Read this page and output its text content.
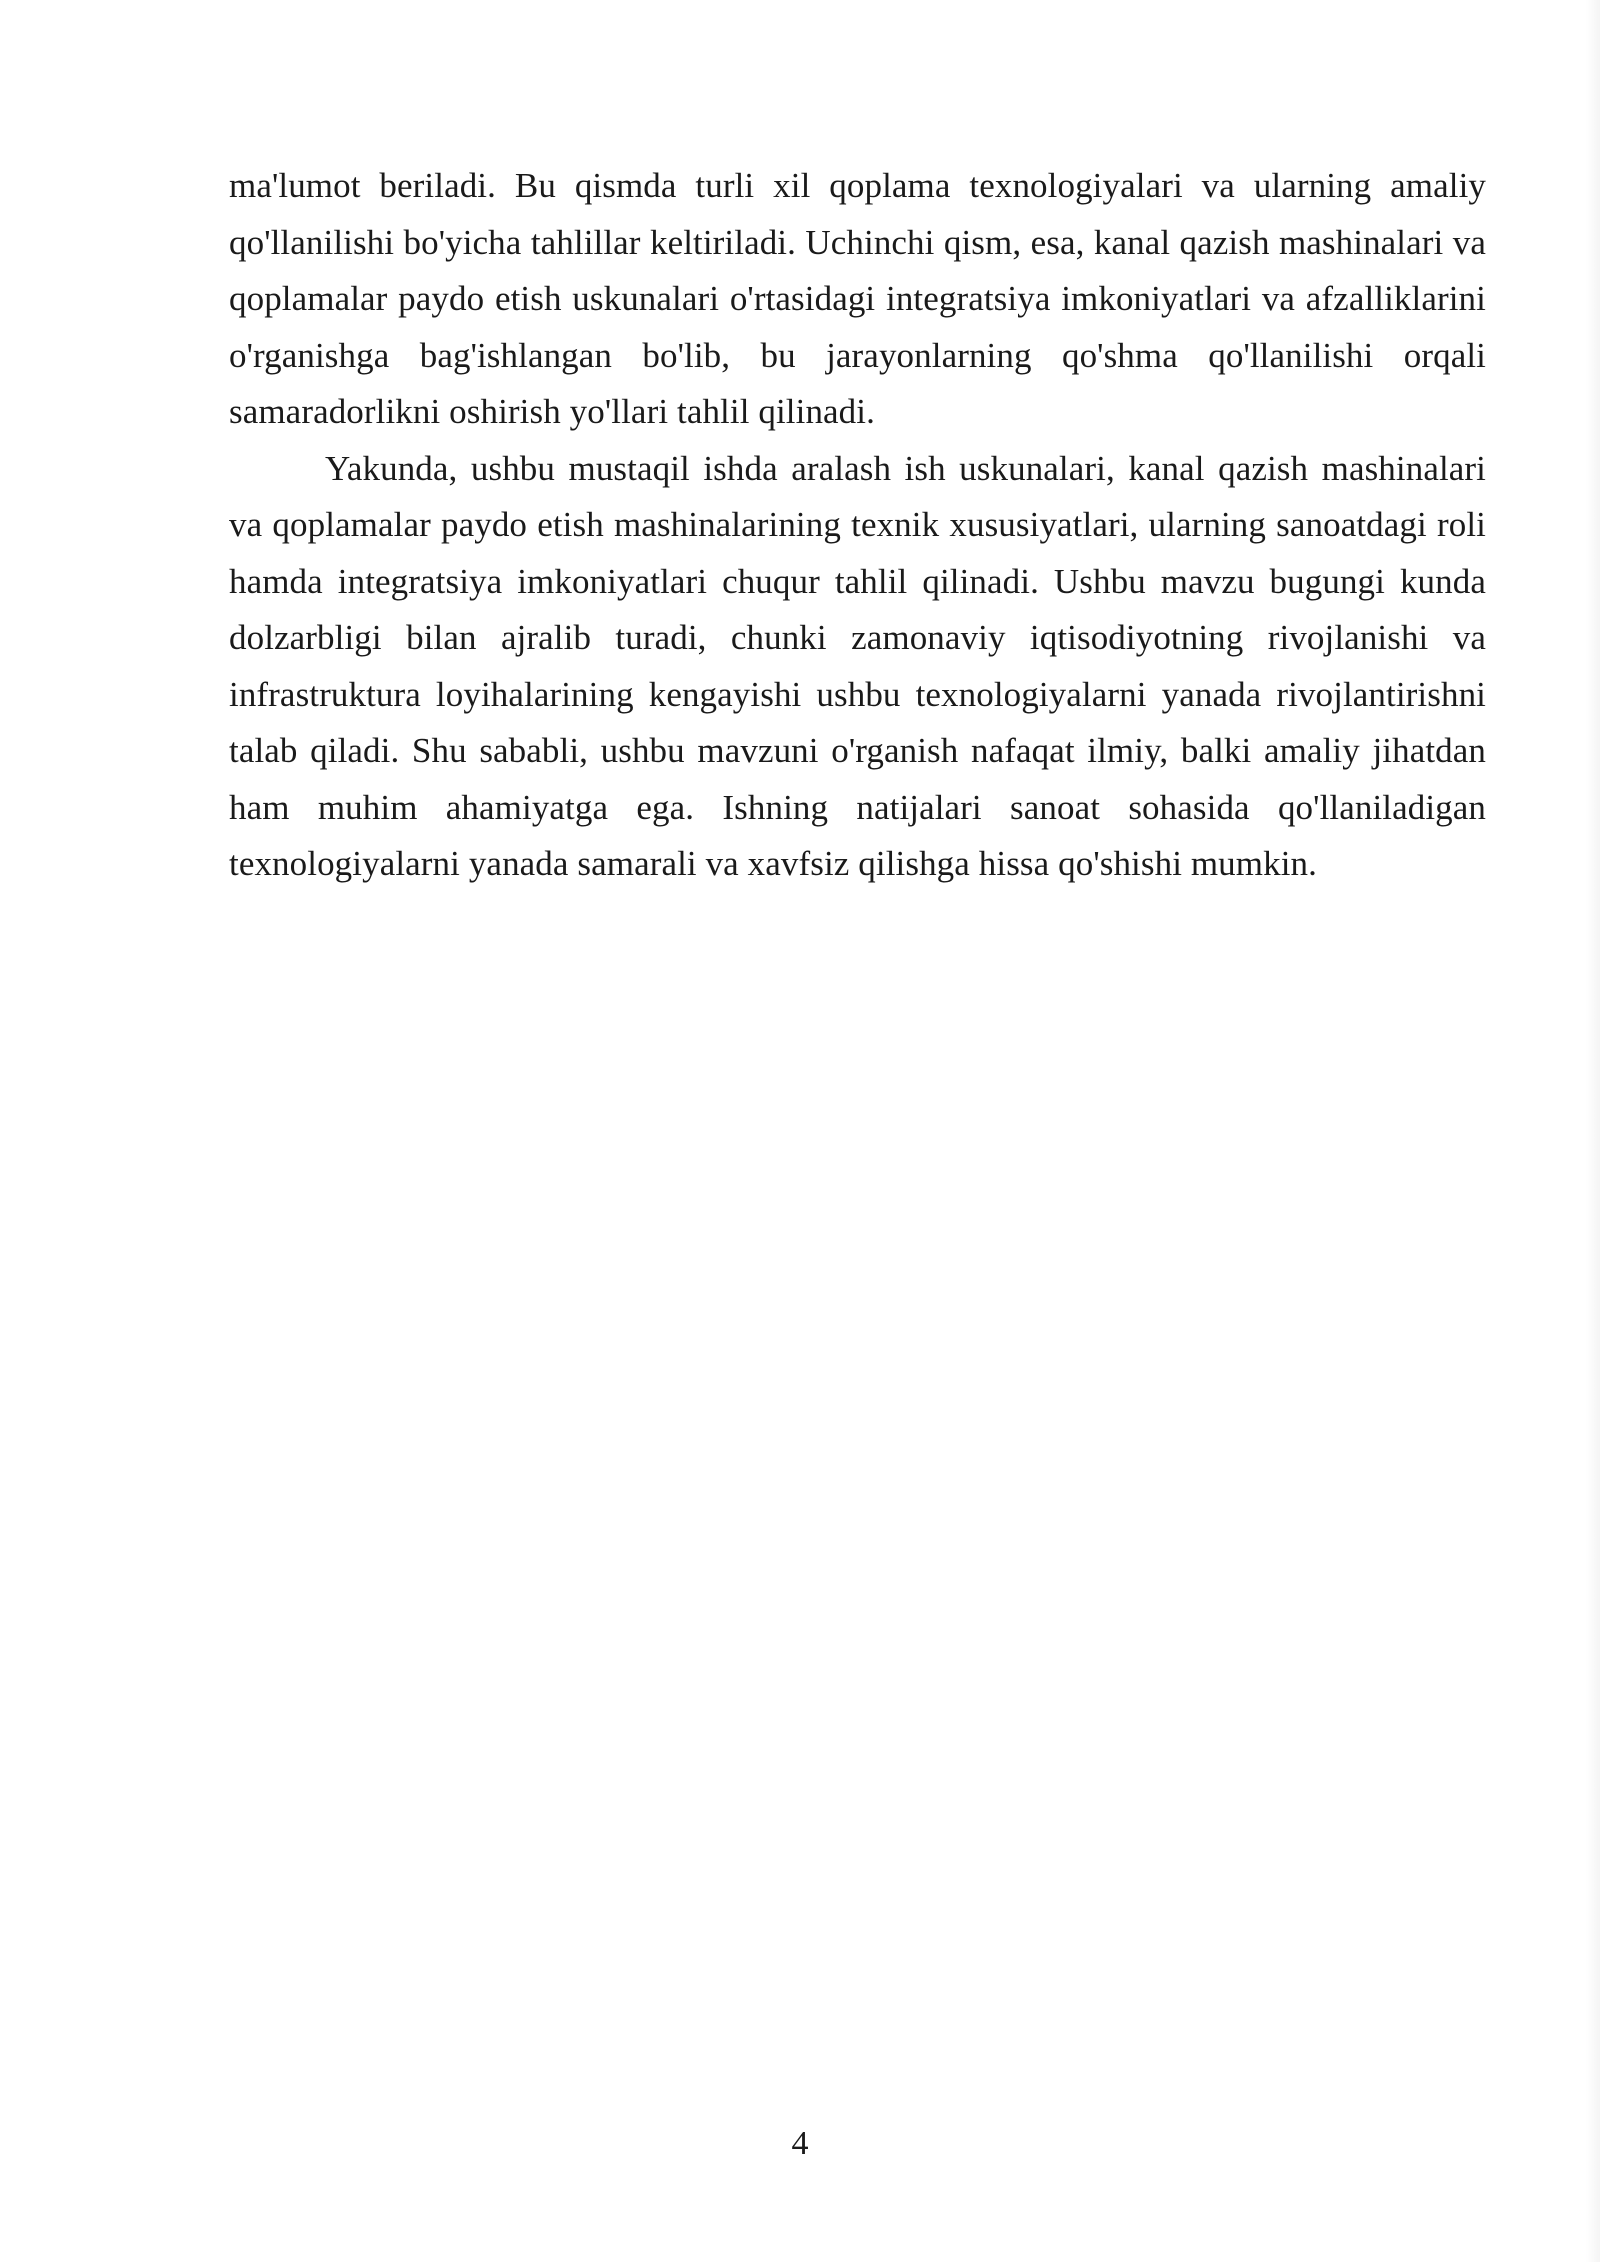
ma'lumot beriladi. Bu qismda turli xil qoplama texnologiyalari va ularning amaliy qo'llanilishi bo'yicha tahlillar keltiriladi. Uchinchi qism, esa, kanal qazish mashinalari va qoplamalar paydo etish uskunalari o'rtasidagi integratsiya imkoniyatlari va afzalliklarini o'rganishga bag'ishlangan bo'lib, bu jarayonlarning qo'shma qo'llanilishi orqali samaradorlikni oshirish yo'llari tahlil qilinadi.

Yakunda, ushbu mustaqil ishda aralash ish uskunalari, kanal qazish mashinalari va qoplamalar paydo etish mashinalarining texnik xususiyatlari, ularning sanoatdagi roli hamda integratsiya imkoniyatlari chuqur tahlil qilinadi. Ushbu mavzu bugungi kunda dolzarbligi bilan ajralib turadi, chunki zamonaviy iqtisodiyotning rivojlanishi va infrastruktura loyihalarining kengayishi ushbu texnologiyalarni yanada rivojlantirishni talab qiladi. Shu sababli, ushbu mavzuni o'rganish nafaqat ilmiy, balki amaliy jihatdan ham muhim ahamiyatga ega. Ishning natijalari sanoat sohasida qo'llaniladigan texnologiyalarni yanada samarali va xavfsiz qilishga hissa qo'shishi mumkin.

4
